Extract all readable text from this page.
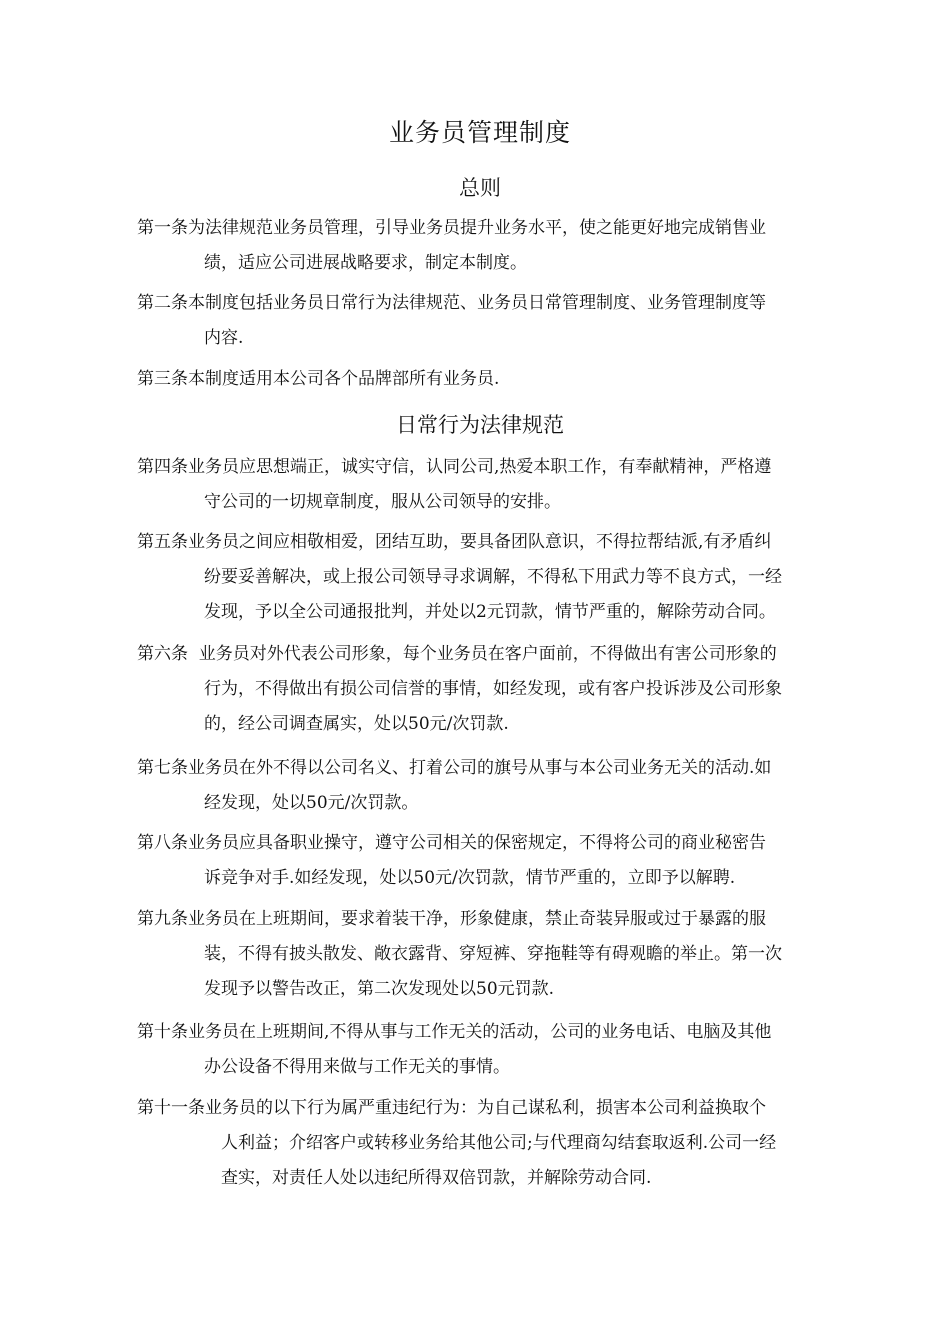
业务员管理制度
总则
第一条为法律规范业务员管理，引导业务员提升业务水平，使之能更好地完成销售业
绩，适应公司进展战略要求，制定本制度。
第二条本制度包括业务员日常行为法律规范、业务员日常管理制度、业务管理制度等
内容.
第三条本制度适用本公司各个品牌部所有业务员.
日常行为法律规范
第四条业务员应思想端正，诚实守信，认同公司,热爱本职工作，有奉献精神，严格遵
守公司的一切规章制度，服从公司领导的安排。
第五条业务员之间应相敬相爱，团结互助，要具备团队意识，不得拉帮结派,有矛盾纠
纷要妥善解决，或上报公司领导寻求调解，不得私下用武力等不良方式，一经
发现，予以全公司通报批判，并处以2元罚款，情节严重的，解除劳动合同。
第六条  业务员对外代表公司形象，每个业务员在客户面前，不得做出有害公司形象的
行为，不得做出有损公司信誉的事情，如经发现，或有客户投诉涉及公司形象
的，经公司调查属实，处以50元/次罚款.
第七条业务员在外不得以公司名义、打着公司的旗号从事与本公司业务无关的活动.如
经发现，处以50元/次罚款。
第八条业务员应具备职业操守，遵守公司相关的保密规定，不得将公司的商业秘密告
诉竞争对手.如经发现，处以50元/次罚款，情节严重的，立即予以解聘.
第九条业务员在上班期间，要求着装干净，形象健康，禁止奇装异服或过于暴露的服
装，不得有披头散发、敞衣露背、穿短裤、穿拖鞋等有碍观瞻的举止。第一次
发现予以警告改正，第二次发现处以50元罚款.
第十条业务员在上班期间,不得从事与工作无关的活动，公司的业务电话、电脑及其他
办公设备不得用来做与工作无关的事情。
第十一条业务员的以下行为属严重违纪行为：为自己谋私利，损害本公司利益换取个
人利益；介绍客户或转移业务给其他公司;与代理商勾结套取返利.公司一经
查实，对责任人处以违纪所得双倍罚款，并解除劳动合同.
